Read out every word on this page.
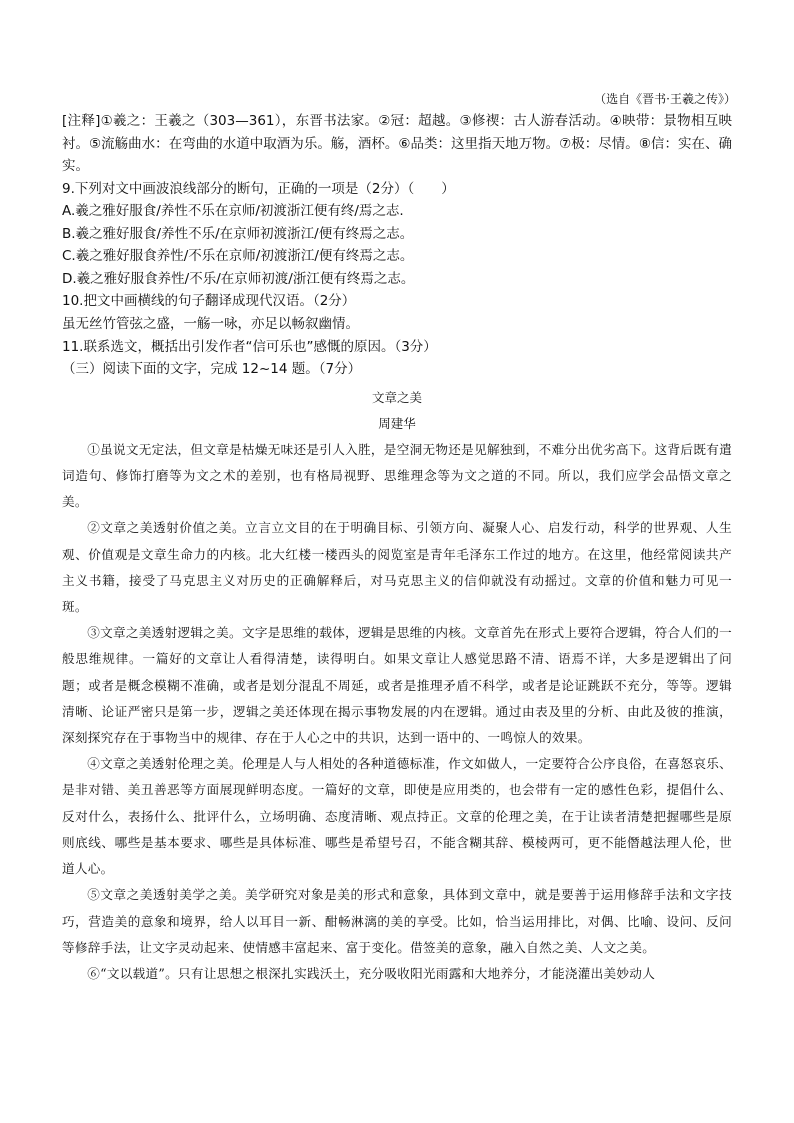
（选自《晋书·王羲之传》）

[注释]①羲之：王羲之（303—361），东晋书法家。②冠：超越。③修禊：古人游春活动。④映带：景物相互映衬。⑤流觞曲水：在弯曲的水道中取酒为乐。觞，酒杯。⑥品类：这里指天地万物。⑦极：尽情。⑧信：实在、确实。

9.下列对文中画波浪线部分的断句，正确的一项是（2分）（　　）

A.羲之雅好服食/养性不乐在京师/初渡浙江便有终/焉之志.

B.羲之雅好服食/养性不乐/在京师初渡浙江/便有终焉之志。

C.羲之雅好服食养性/不乐在京师/初渡浙江/便有终焉之志。

D.羲之雅好服食养性/不乐/在京师初渡/浙江便有终焉之志。

10.把文中画横线的句子翻译成现代汉语。（2分）

虽无丝竹管弦之盛，一觞一咏，亦足以畅叙幽情。

11.联系选文，概括出引发作者“信可乐也”感慨的原因。（3分）

（三）阅读下面的文字，完成 12~14 题。（7分）

文章之美

周建华

①虽说文无定法，但文章是枯燥无味还是引人入胜，是空洞无物还是见解独到，不难分出优劣高下。这背后既有遣词造句、修饰打磨等为文之术的差别，也有格局视野、思维理念等为文之道的不同。所以，我们应学会品悟文章之美。

②文章之美透射价值之美。立言立文目的在于明确目标、引领方向、凝聚人心、启发行动，科学的世界观、人生观、价值观是文章生命力的内核。北大红楼一楼西头的阅览室是青年毛泽东工作过的地方。在这里，他经常阅读共产主义书籍，接受了马克思主义对历史的正确解释后，对马克思主义的信仰就没有动摇过。文章的价值和魅力可见一斑。

③文章之美透射逻辑之美。文字是思维的载体，逻辑是思维的内核。文章首先在形式上要符合逻辑，符合人们的一般思维规律。一篇好的文章让人看得清楚，读得明白。如果文章让人感觉思路不清、语焉不详，大多是逻辑出了问题；或者是概念模糊不准确，或者是划分混乱不周延，或者是推理矛盾不科学，或者是论证跳跃不充分，等等。逻辑清晰、论证严密只是第一步，逻辑之美还体现在揭示事物发展的内在逻辑。通过由表及里的分析、由此及彼的推演，深刻探究存在于事物当中的规律、存在于人心之中的共识，达到一语中的、一鸣惊人的效果。

④文章之美透射伦理之美。伦理是人与人相处的各种道德标准，作文如做人，一定要符合公序良俗，在喜怒哀乐、是非对错、美丑善恶等方面展现鲜明态度。一篇好的文章，即使是应用类的，也会带有一定的感性色彩，提倡什么、反对什么，表扬什么、批评什么，立场明确、态度清晰、观点持正。文章的伦理之美，在于让读者清楚把握哪些是原则底线、哪些是基本要求、哪些是具体标准、哪些是希望号召，不能含糊其辞、模棱两可，更不能僭越法理人伦，世道人心。

⑤文章之美透射美学之美。美学研究对象是美的形式和意象，具体到文章中，就是要善于运用修辞手法和文字技巧，营造美的意象和境界，给人以耳目一新、酣畅淋漓的美的享受。比如，恰当运用排比，对偶、比喻、设问、反问等修辞手法，让文字灵动起来、使情感丰富起来、富于变化。借签美的意象，融入自然之美、人文之美。

⑥“文以载道”。只有让思想之根深扎实践沃土，充分吸收阳光雨露和大地养分，才能浇灌出美妙动人
